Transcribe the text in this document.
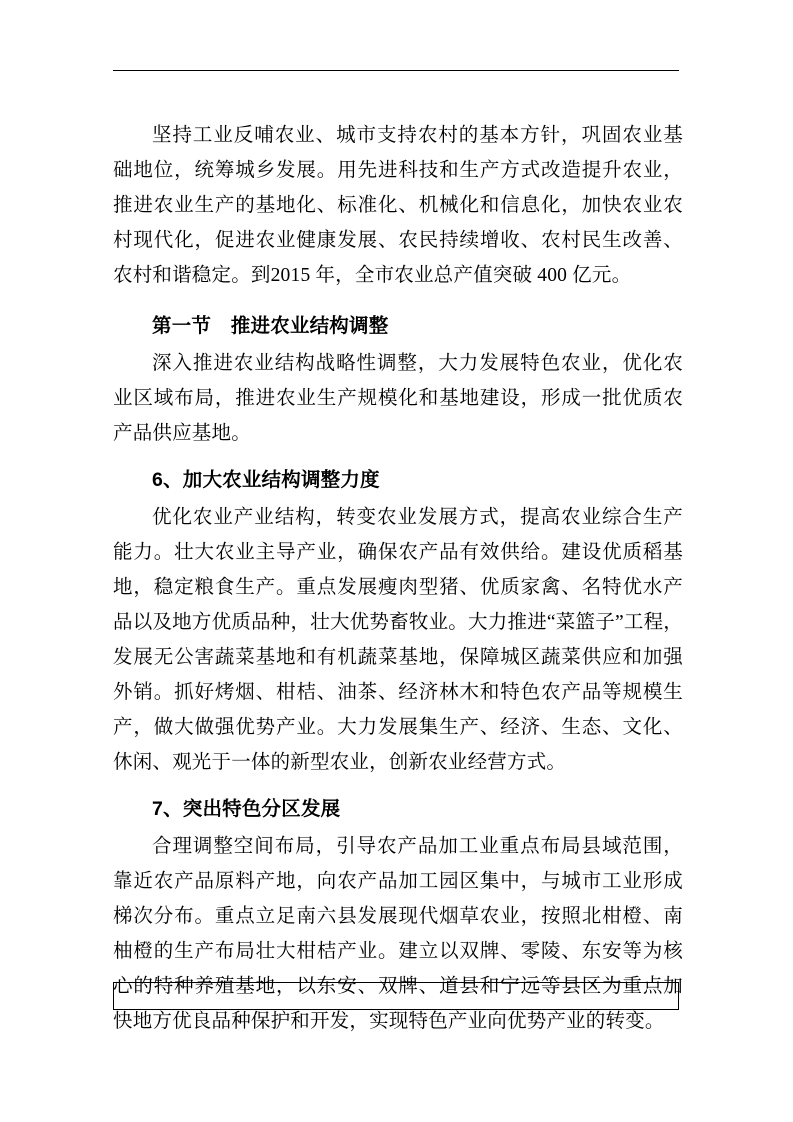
坚持工业反哺农业、城市支持农村的基本方针，巩固农业基础地位，统筹城乡发展。用先进科技和生产方式改造提升农业，推进农业生产的基地化、标准化、机械化和信息化，加快农业农村现代化，促进农业健康发展、农民持续增收、农村民生改善、农村和谐稳定。到2015 年，全市农业总产值突破 400 亿元。

第一节　推进农业结构调整

深入推进农业结构战略性调整，大力发展特色农业，优化农业区域布局，推进农业生产规模化和基地建设，形成一批优质农产品供应基地。

6、加大农业结构调整力度

优化农业产业结构，转变农业发展方式，提高农业综合生产能力。壮大农业主导产业，确保农产品有效供给。建设优质稻基地，稳定粮食生产。重点发展瘦肉型猪、优质家禽、名特优水产品以及地方优质品种，壮大优势畜牧业。大力推进“菜篮子”工程，发展无公害蔬菜基地和有机蔬菜基地，保障城区蔬菜供应和加强外销。抓好烤烟、柑桔、油茶、经济林木和特色农产品等规模生产，做大做强优势产业。大力发展集生产、经济、生态、文化、休闲、观光于一体的新型农业，创新农业经营方式。

7、突出特色分区发展

合理调整空间布局，引导农产品加工业重点布局县域范围，靠近农产品原料产地，向农产品加工园区集中，与城市工业形成梯次分布。重点立足南六县发展现代烟草农业，按照北柑橙、南柚橙的生产布局壮大柑桔产业。建立以双牌、零陵、东安等为核心的特种养殖基地，以东安、双牌、道县和宁远等县区为重点加快地方优良品种保护和开发，实现特色产业向优势产业的转变。
